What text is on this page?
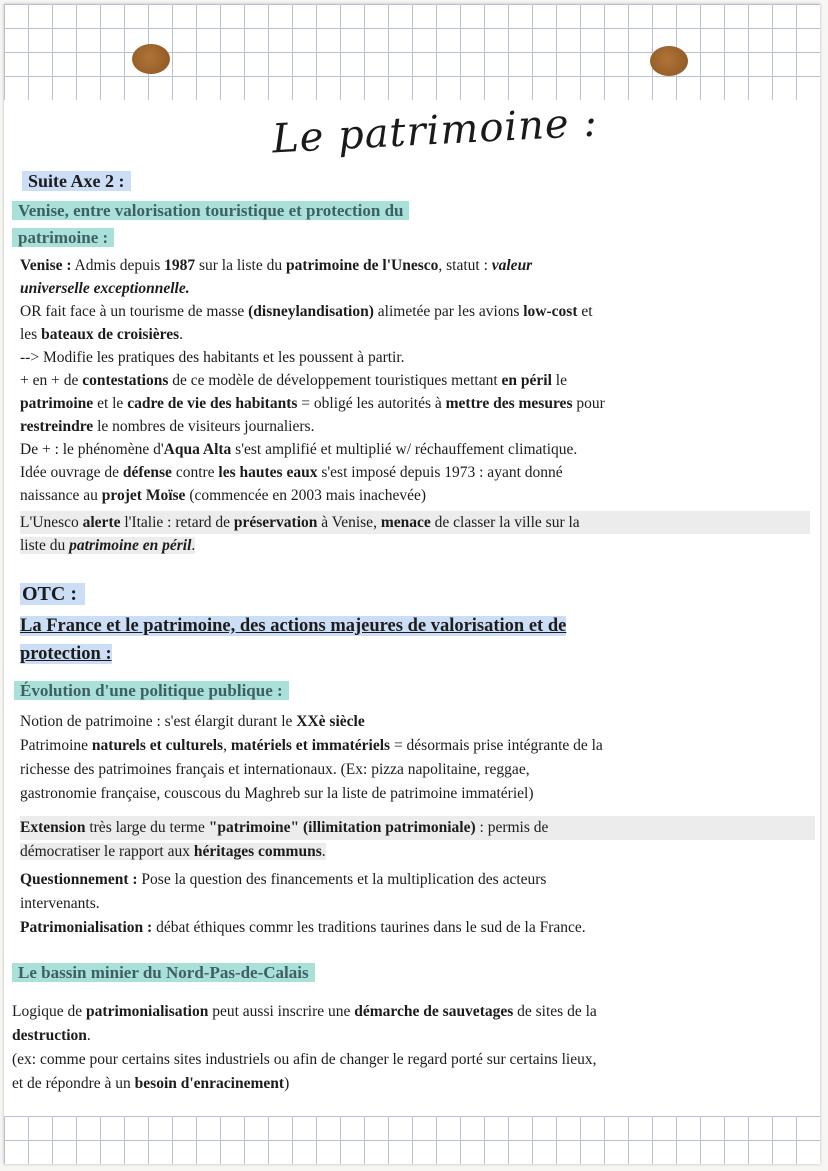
Le patrimoine :
Suite Axe 2 :
Venise, entre valorisation touristique et protection du
patrimoine :
Venise : Admis depuis 1987 sur la liste du patrimoine de l'Unesco, statut : valeur
universelle exceptionnelle.
OR fait face à un tourisme de masse (disneylandisation) alimetée par les avions low-cost et
les bateaux de croisières.
--> Modifie les pratiques des habitants et les poussent à partir.
+ en + de contestations de ce modèle de développement touristiques mettant en péril le
patrimoine et le cadre de vie des habitants = obligé les autorités à mettre des mesures pour
restreindre le nombres de visiteurs journaliers.
De + : le phénomène d'Aqua Alta s'est amplifié et multiplié w/ réchauffement climatique.
Idée ouvrage de défense contre les hautes eaux s'est imposé depuis 1973 : ayant donné
naissance au projet Moïse (commencée en 2003 mais inachevée)
L'Unesco alerte l'Italie : retard de préservation à Venise, menace de classer la ville sur la
liste du patrimoine en péril.
OTC :
La France et le patrimoine, des actions majeures de valorisation et de
protection :
Évolution d'une politique publique :
Notion de patrimoine : s'est élargit durant le XXè siècle
Patrimoine naturels et culturels, matériels et immatériels = désormais prise intégrante de la
richesse des patrimoines français et internationaux. (Ex: pizza napolitaine, reggae,
gastronomie française, couscous du Maghreb sur la liste de patrimoine immatériel)
Extension très large du terme "patrimoine" (illimitation patrimoniale) : permis de
démocratiser le rapport aux héritages communs.
Questionnement : Pose la question des financements et la multiplication des acteurs
intervenants.
Patrimonialisation : débat éthiques commr les traditions taurines dans le sud de la France.
Le bassin minier du Nord-Pas-de-Calais
Logique de patrimonialisation peut aussi inscrire une démarche de sauvetages de sites de la
destruction.
(ex: comme pour certains sites industriels ou afin de changer le regard porté sur certains lieux,
et de répondre à un besoin d'enracinement)
